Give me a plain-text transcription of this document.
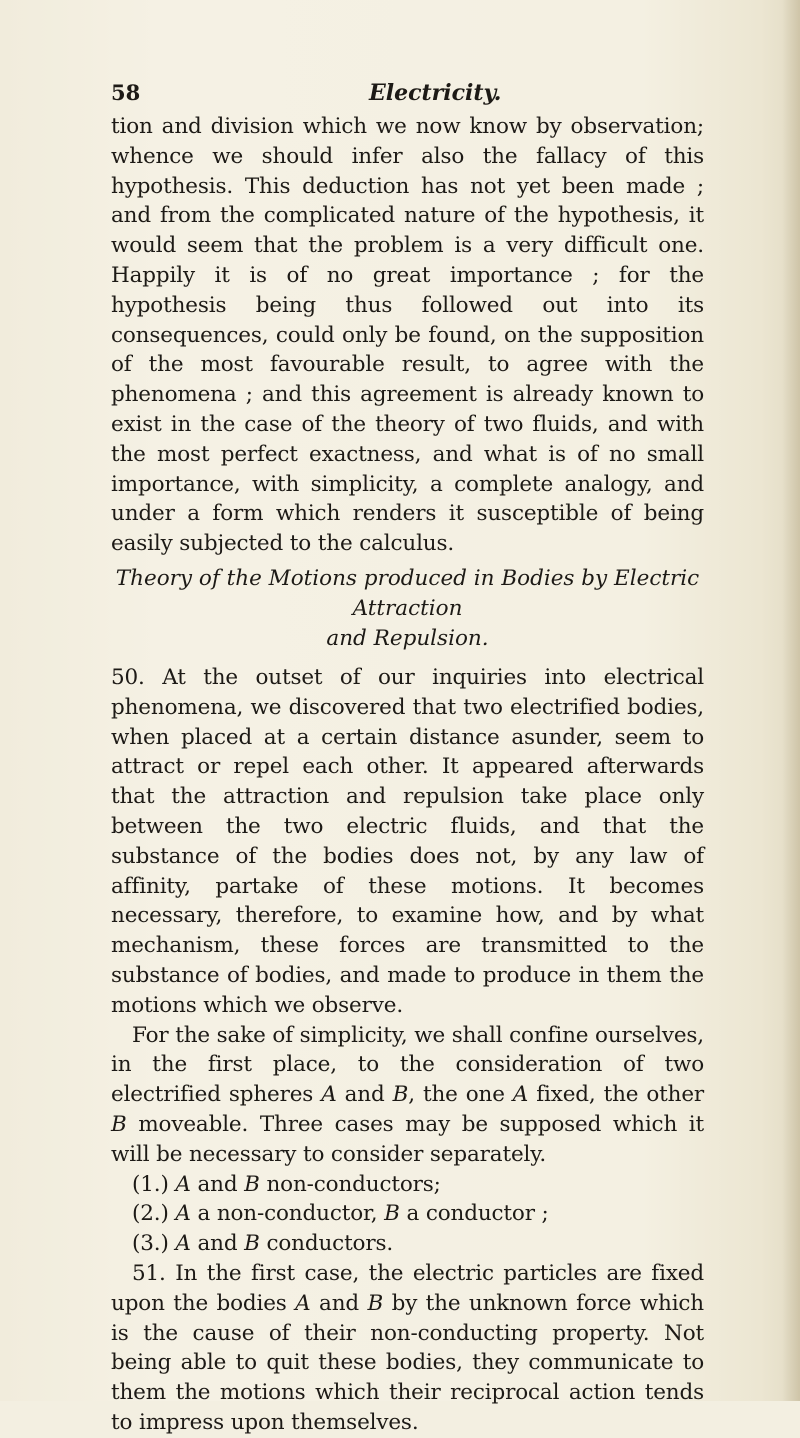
58	Electricity.

tion and division which we now know by observation; whence we should infer also the fallacy of this hypothesis. This deduction has not yet been made ; and from the complicated nature of the hypothesis, it would seem that the problem is a very difficult one. Happily it is of no great importance ; for the hypothesis being thus followed out into its consequences, could only be found, on the supposition of the most favourable result, to agree with the phenomena ; and this agreement is already known to exist in the case of the theory of two fluids, and with the most perfect exactness, and what is of no small importance, with simplicity, a complete analogy, and under a form which renders it susceptible of being easily subjected to the calculus.

Theory of the Motions produced in Bodies by Electric Attraction
and Repulsion.

50. At the outset of our inquiries into electrical phenomena, we discovered that two electrified bodies, when placed at a certain distance asunder, seem to attract or repel each other. It appeared afterwards that the attraction and repulsion take place only between the two electric fluids, and that the substance of the bodies does not, by any law of affinity, partake of these motions. It becomes necessary, therefore, to examine how, and by what mechanism, these forces are transmitted to the substance of bodies, and made to produce in them the motions which we observe.

For the sake of simplicity, we shall confine ourselves, in the first place, to the consideration of two electrified spheres A and B, the one A fixed, the other B moveable. Three cases may be supposed which it will be necessary to consider separately.

(1.) A and B non-conductors;
(2.) A a non-conductor, B a conductor ;
(3.) A and B conductors.

51. In the first case, the electric particles are fixed upon the bodies A and B by the unknown force which is the cause of their non-conducting property. Not being able to quit these bodies, they communicate to them the motions which their reciprocal action tends to impress upon themselves.
